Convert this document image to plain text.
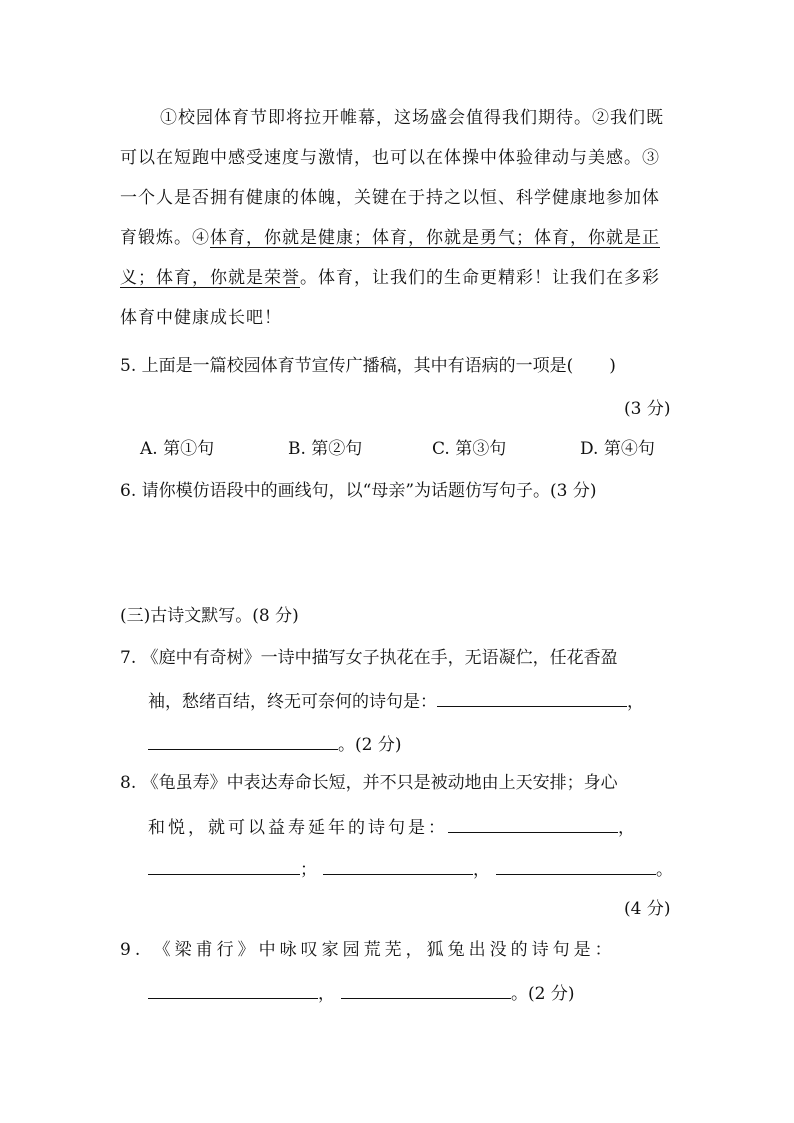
①校园体育节即将拉开帷幕，这场盛会值得我们期待。②我们既
可以在短跑中感受速度与激情，也可以在体操中体验律动与美感。③
一个人是否拥有健康的体魄，关键在于持之以恒、科学健康地参加体
育锻炼。④体育，你就是健康；体育，你就是勇气；体育，你就是正
义；体育，你就是荣誉。体育，让我们的生命更精彩！让我们在多彩
体育中健康成长吧！
5. 上面是一篇校园体育节宣传广播稿，其中有语病的一项是( )
(3 分)
A. 第①句	B. 第②句	C. 第③句	D. 第④句
6. 请你模仿语段中的画线句，以“母亲”为话题仿写句子。(3 分)
(三)古诗文默写。(8 分)
7. 《庭中有奇树》一诗中描写女子执花在手，无语凝伫，任花香盈
袖，愁绪百结，终无可奈何的诗句是：	，
。(2 分)
8. 《龟虽寿》中表达寿命长短，并不只是被动地由上天安排；身心
和悦，就可以益寿延年的诗句是：	，
；	，	。
(4 分)
9. 《梁甫行》中咏叹家园荒芜，狐兔出没的诗句是：
，	。(2 分)
